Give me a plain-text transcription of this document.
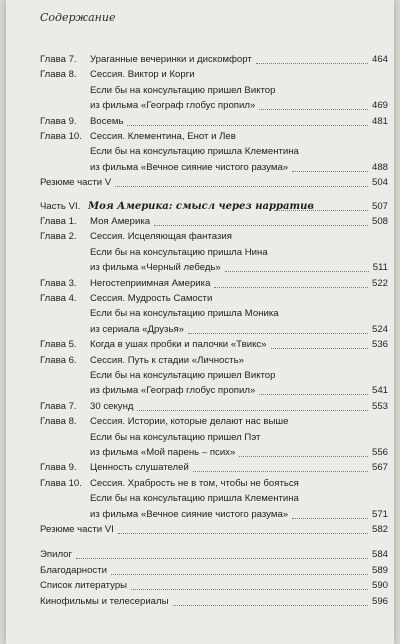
Содержание
Глава 7.	Ураганные вечеринки и дискомфорт	464
Глава 8.	Сессия. Виктор и Корги
Если бы на консультацию пришел Виктор
из фильма «Географ глобус пропил»	469
Глава 9.	Восемь	481
Глава 10. Сессия. Клементина, Енот и Лев
Если бы на консультацию пришла Клементина
из фильма «Вечное сияние чистого разума»	488
Резюме части V	504
Часть VI. Моя Америка: смысл через нарратив	507
Глава 1.	Моя Америка	508
Глава 2.	Сессия. Исцеляющая фантазия
Если бы на консультацию пришла Нина
из фильма «Черный лебедь»	511
Глава 3.	Негостеприимная Америка	522
Глава 4.	Сессия. Мудрость Самости
Если бы на консультацию пришла Моника
из сериала «Друзья»	524
Глава 5.	Когда в ушах пробки и палочки «Твикс»	536
Глава 6.	Сессия. Путь к стадии «Личность»
Если бы на консультацию пришел Виктор
из фильма «Географ глобус пропил»	541
Глава 7.	30 секунд	553
Глава 8.	Сессия. Истории, которые делают нас выше
Если бы на консультацию пришел Пэт
из фильма «Мой парень – псих»	556
Глава 9.	Ценность слушателей	567
Глава 10. Сессия. Храбрость не в том, чтобы не бояться
Если бы на консультацию пришла Клементина
из фильма «Вечное сияние чистого разума»	571
Резюме части VI	582
Эпилог	584
Благодарности	589
Список литературы	590
Кинофильмы и телесериалы	596
